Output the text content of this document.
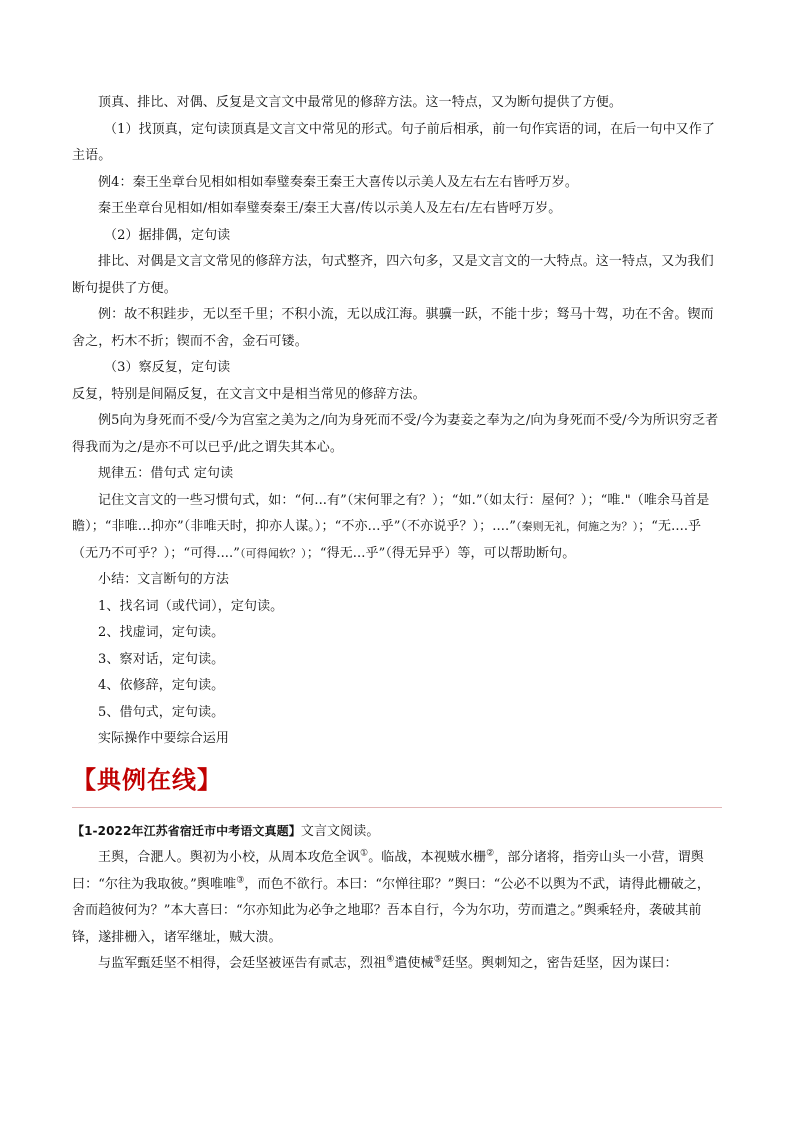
顶真、排比、对偶、反复是文言文中最常见的修辞方法。这一特点，又为断句提供了方便。

（1）找顶真，定句读顶真是文言文中常见的形式。句子前后相承，前一句作宾语的词，在后一句中又作了主语。

例4：秦王坐章台见相如相如奉璧奏秦王秦王大喜传以示美人及左右左右皆呼万岁。

秦王坐章台见相如/相如奉璧奏秦王/秦王大喜/传以示美人及左右/左右皆呼万岁。

（2）据排偶，定句读

排比、对偶是文言文常见的修辞方法，句式整齐，四六句多，又是文言文的一大特点。这一特点，又为我们断句提供了方便。

例：故不积跬步，无以至千里；不积小流，无以成江海。骐骥一跃，不能十步；驽马十驾，功在不舍。锲而舍之，朽木不折；锲而不舍，金石可镂。

（3）察反复，定句读

反复，特别是间隔反复，在文言文中是相当常见的修辞方法。

例5向为身死而不受/今为宫室之美为之/向为身死而不受/今为妻妾之奉为之/向为身死而不受/今为所识穷乏者得我而为之/是亦不可以已乎/此之谓失其本心。

规律五：借句式 定句读

记住文言文的一些习惯句式，如：“何...有”（宋何罪之有？）；“如.”（如太行：屋何？）；“唯."（唯余马首是瞻）；“非唯…抑亦”（非唯天时，抑亦人谋。）；“不亦…乎”（不亦说乎？）；....”（秦则无礼，何施之为？）；“无....乎（无乃不可乎？）；“可得....”（可得闻软？）；“得无...乎”（得无异乎）等，可以帮助断句。

小结：文言断句的方法

1、找名词（或代词），定句读。

2、找虚词，定句读。

3、察对话，定句读。

4、依修辞，定句读。

5、借句式，定句读。

实际操作中要综合运用

【典例在线】

【1-2022年江苏省宿迁市中考语文真题】文言文阅读。

王舆，合淝人。舆初为小校，从周本攻危全讽①。临战，本视贼水栅②，部分诸将，指旁山头一小营，谓舆曰：“尔往为我取彼。”舆唯唯③，而色不欲行。本曰：“尔惮往耶？”舆曰：“公必不以舆为不武，请得此栅破之，舍而趋彼何为？”本大喜曰：“尔亦知此为必争之地耶？吾本自行，今为尔功，劳而遣之。”舆乘轻舟，袭破其前锋，遂排栅入，诸军继址，贼大溃。

与监军甄廷坚不相得，会廷坚被诬告有贰志，烈祖④遣使械⑤廷坚。舆刺知之，密告廷坚，因为谋曰：
